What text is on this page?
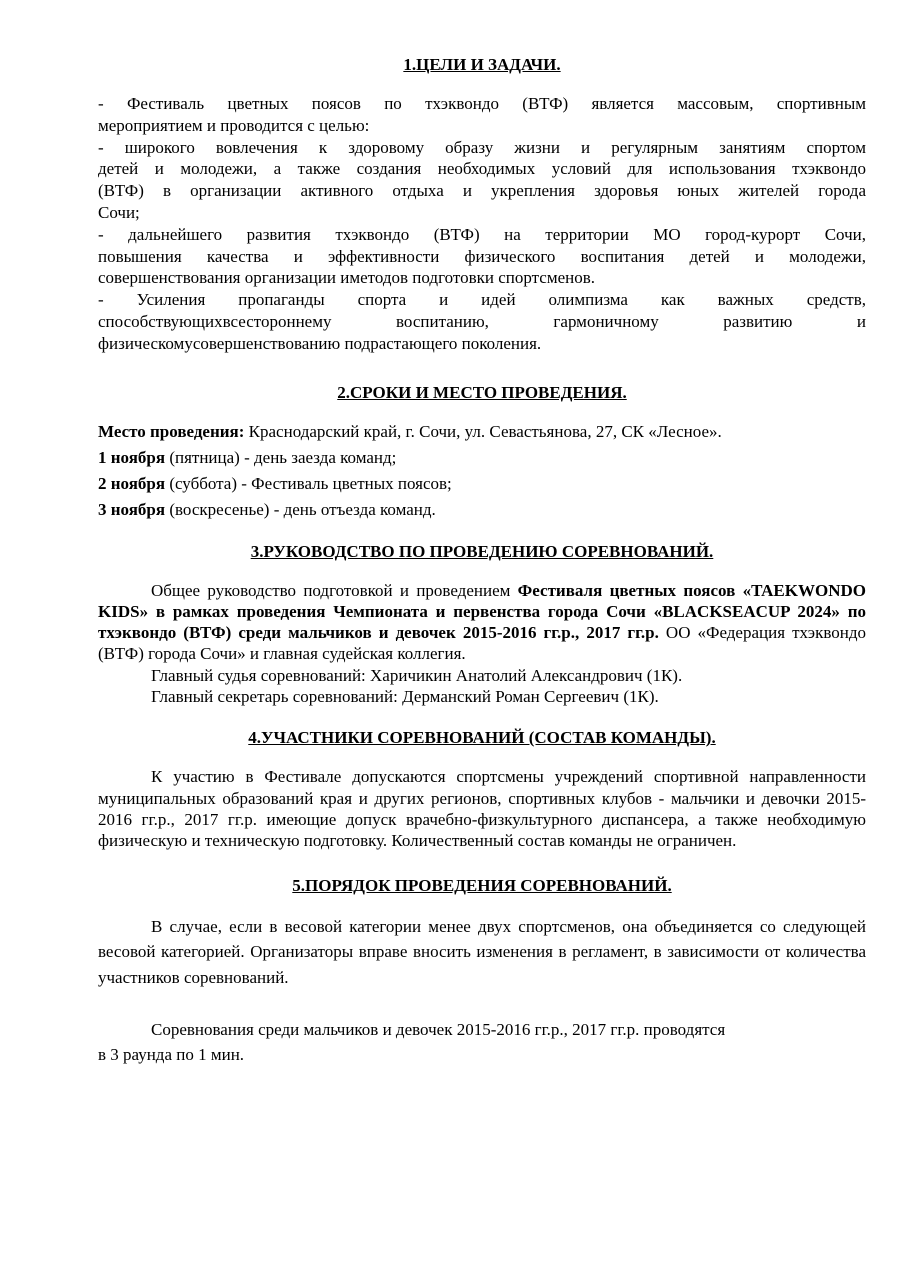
1.ЦЕЛИ И ЗАДАЧИ.
- Фестиваль цветных поясов по тхэквондо (ВТФ) является массовым, спортивным
мероприятием и проводится с целью:
- широкого вовлечения к здоровому образу жизни и регулярным занятиям спортом
детей и молодежи, а также создания необходимых условий для использования тхэквондо
(ВТФ) в организации активного отдыха и укрепления здоровья юных жителей города
Сочи;
- дальнейшего развития тхэквондо (ВТФ) на территории МО город-курорт Сочи,
повышения качества и эффективности физического воспитания детей и молодежи,
совершенствования организации иметодов подготовки спортсменов.
- Усиления пропаганды спорта и идей олимпизма как важных средств,
способствующихвсестороннему воспитанию, гармоничному развитию и
физическомусовершенствованию подрастающего поколения.
2.СРОКИ И МЕСТО ПРОВЕДЕНИЯ.

Место проведения: Краснодарский край, г. Сочи, ул. Севастьянова, 27, СК «Лесное».

1 ноября (пятница) - день заезда команд;

2 ноября (суббота) - Фестиваль цветных поясов;

3 ноября (воскресенье) - день отъезда команд.

3.РУКОВОДСТВО ПО ПРОВЕДЕНИЮ СОРЕВНОВАНИЙ.

Общее руководство подготовкой и проведением Фестиваля цветных поясов «TAEKWONDO KIDS» в рамках проведения Чемпионата и первенства города Сочи «BLACKSEACUP 2024» по тхэквондо (ВТФ) среди мальчиков и девочек 2015-2016 гг.р., 2017 гг.р. ОО «Федерация тхэквондо (ВТФ) города Сочи» и главная судейская коллегия.

Главный судья соревнований: Харичикин Анатолий Александрович (1К).

Главный секретарь соревнований: Дерманский Роман Сергеевич (1К).

4.УЧАСТНИКИ СОРЕВНОВАНИЙ (СОСТАВ КОМАНДЫ).

К участию в Фестивале допускаются спортсмены учреждений спортивной направленности муниципальных образований края и других регионов, спортивных клубов - мальчики и девочки 2015-2016 гг.р., 2017 гг.р. имеющие допуск врачебно-физкультурного диспансера, а также необходимую физическую и техническую подготовку. Количественный состав команды не ограничен.

5.ПОРЯДОК ПРОВЕДЕНИЯ СОРЕВНОВАНИЙ.

В случае, если в весовой категории менее двух спортсменов, она объединяется со следующей весовой категорией. Организаторы вправе вносить изменения в регламент, в зависимости от количества участников соревнований.

Соревнования среди мальчиков и девочек 2015-2016 гг.р., 2017 гг.р. проводятся
в 3 раунда по 1 мин.
